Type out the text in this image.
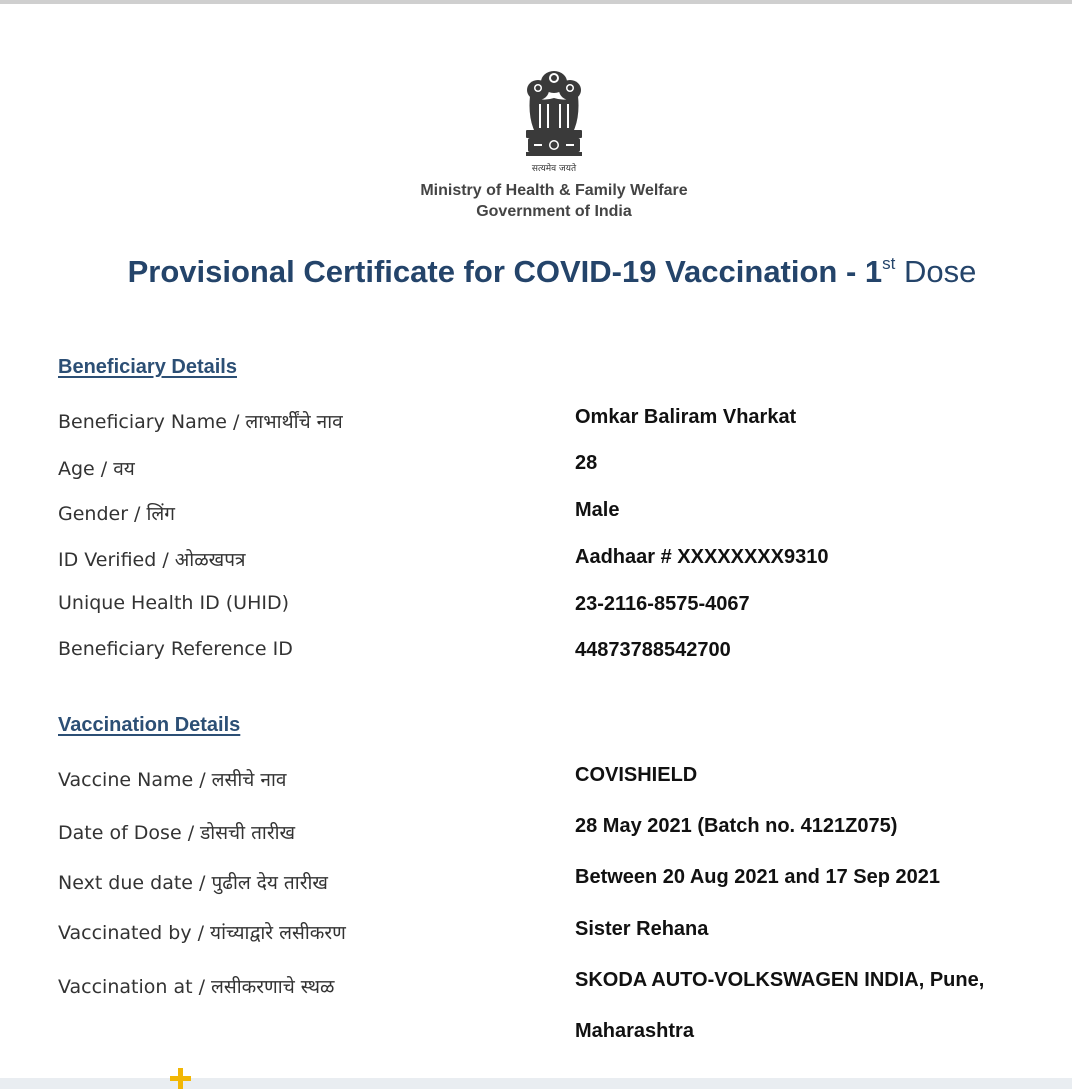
सत्यमेव जयते
Ministry of Health & Family Welfare
Government of India
Provisional Certificate for COVID-19 Vaccination - 1st Dose
Beneficiary Details
Beneficiary Name / लाभार्थींचे नाव	Omkar Baliram Vharkat
Age / वय	28
Gender / लिंग	Male
ID Verified / ओळखपत्र	Aadhaar # XXXXXXXX9310
Unique Health ID (UHID)	23-2116-8575-4067
Beneficiary Reference ID	44873788542700
Vaccination Details
Vaccine Name / लसीचे नाव	COVISHIELD
Date of Dose / डोसची तारीख	28 May 2021 (Batch no. 4121Z075)
Next due date / पुढील देय तारीख	Between 20 Aug 2021 and 17 Sep 2021
Vaccinated by / यांच्याद्वारे लसीकरण	Sister Rehana
Vaccination at / लसीकरणाचे स्थळ	SKODA AUTO-VOLKSWAGEN INDIA, Pune,
Maharashtra
